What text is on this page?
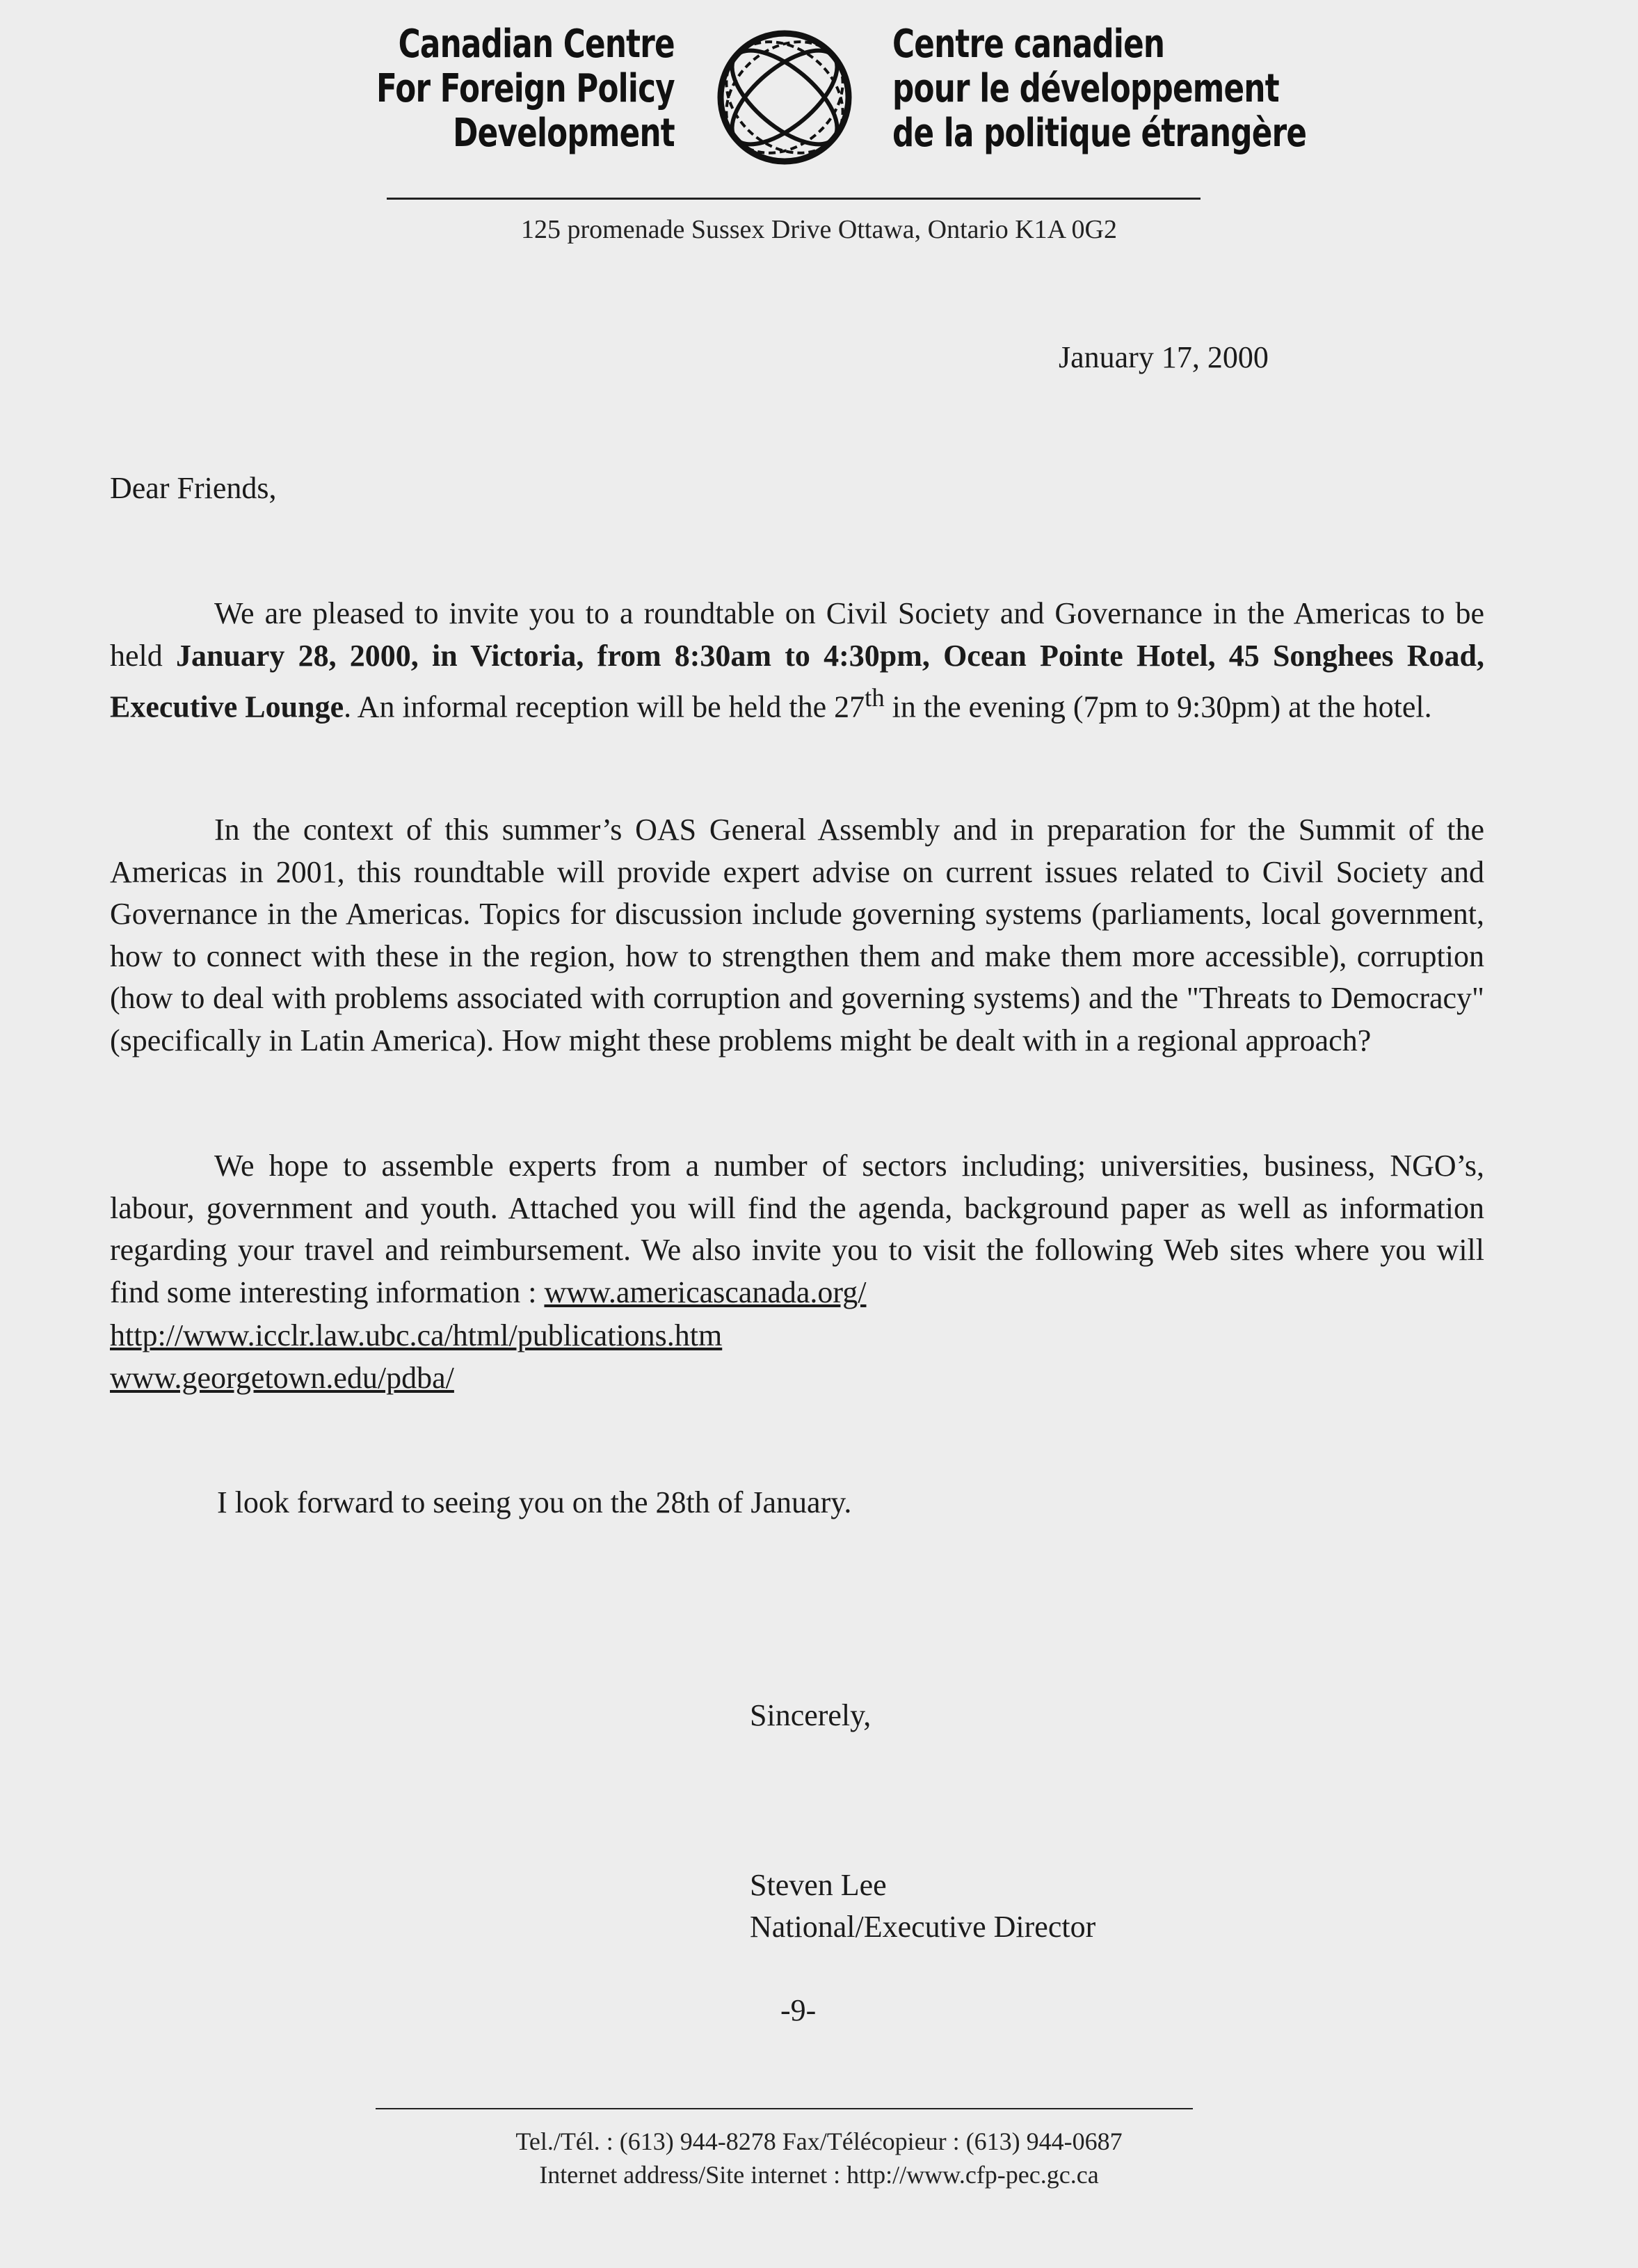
Canadian Centre
For Foreign Policy
Development
Centre canadien
pour le développement
de la politique étrangère
125 promenade Sussex Drive Ottawa, Ontario K1A 0G2
January 17, 2000
Dear Friends,

We are pleased to invite you to a roundtable on Civil Society and Governance in the Americas to be held January 28, 2000, in Victoria, from 8:30am to 4:30pm, Ocean Pointe Hotel, 45 Songhees Road, Executive Lounge. An informal reception will be held the 27th in the evening (7pm to 9:30pm) at the hotel.

In the context of this summer’s OAS General Assembly and in preparation for the Summit of the Americas in 2001, this roundtable will provide expert advise on current issues related to Civil Society and Governance in the Americas. Topics for discussion include governing systems (parliaments, local government, how to connect with these in the region, how to strengthen them and make them more accessible), corruption (how to deal with problems associated with corruption and governing systems) and the "Threats to Democracy" (specifically in Latin America). How might these problems might be dealt with in a regional approach?

We hope to assemble experts from a number of sectors including; universities, business, NGO’s, labour, government and youth. Attached you will find the agenda, background paper as well as information regarding your travel and reimbursement. We also invite you to visit the following Web sites where you will find some interesting information : www.americascanada.org/

http://www.icclr.law.ubc.ca/html/publications.htm
www.georgetown.edu/pdba/
I look forward to seeing you on the 28th of January.
Sincerely,
Steven Lee
National/Executive Director
-9-
Tel./Tél. : (613) 944-8278 Fax/Télécopieur : (613) 944-0687
Internet address/Site internet : http://www.cfp-pec.gc.ca
